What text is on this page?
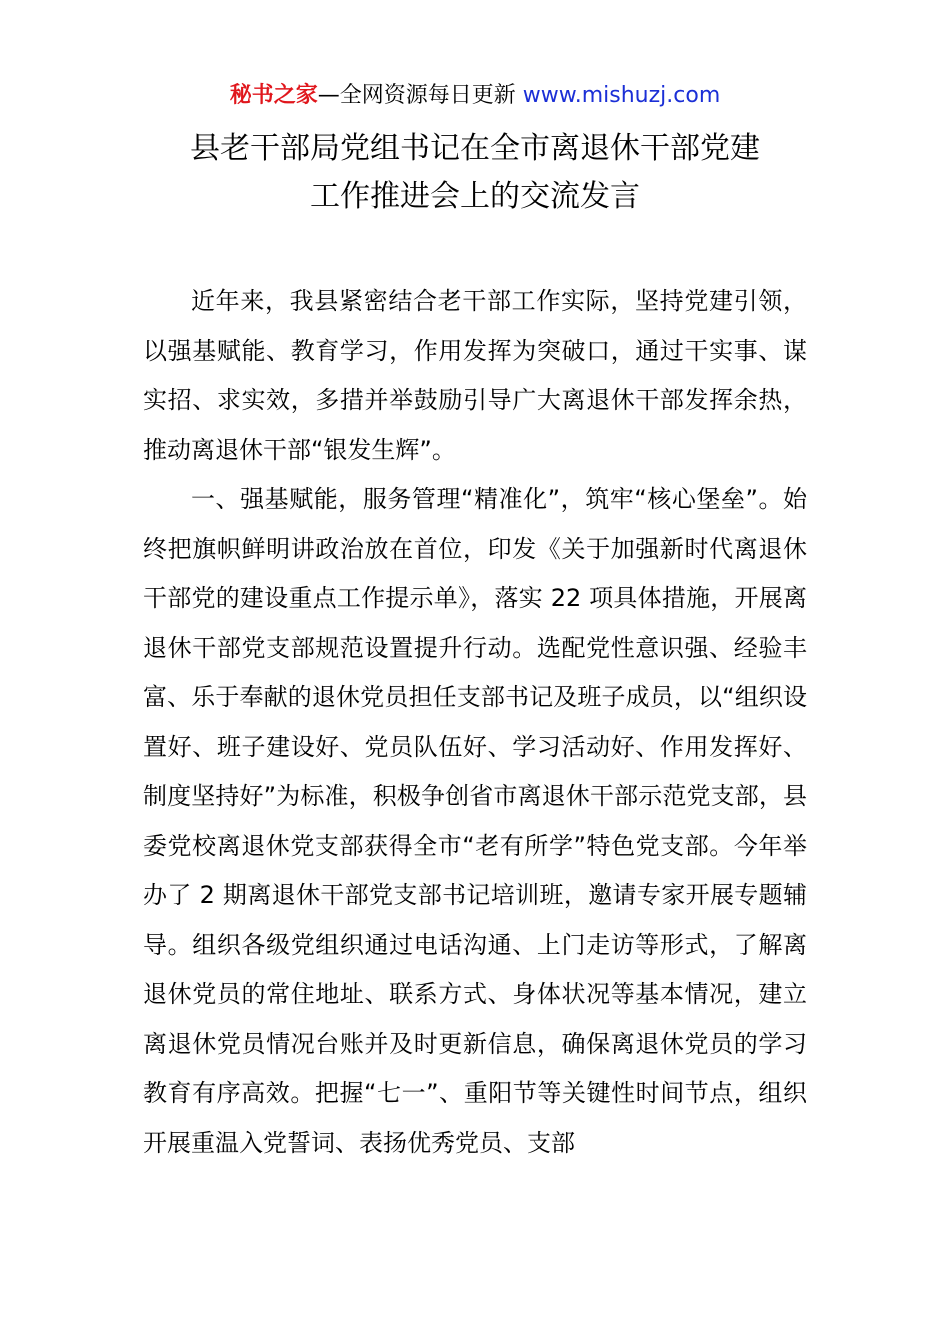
秘书之家—全网资源每日更新 www.mishuzj.com
县老干部局党组书记在全市离退休干部党建
工作推进会上的交流发言

近年来，我县紧密结合老干部工作实际，坚持党建引领，以强基赋能、教育学习，作用发挥为突破口，通过干实事、谋实招、求实效，多措并举鼓励引导广大离退休干部发挥余热，推动离退休干部“银发生辉”。

一、强基赋能，服务管理“精准化”，筑牢“核心堡垒”。始终把旗帜鲜明讲政治放在首位，印发《关于加强新时代离退休干部党的建设重点工作提示单》，落实 22 项具体措施，开展离退休干部党支部规范设置提升行动。选配党性意识强、经验丰富、乐于奉献的退休党员担任支部书记及班子成员，以“组织设置好、班子建设好、党员队伍好、学习活动好、作用发挥好、制度坚持好”为标准，积极争创省市离退休干部示范党支部，县委党校离退休党支部获得全市“老有所学”特色党支部。今年举办了 2 期离退休干部党支部书记培训班，邀请专家开展专题辅导。组织各级党组织通过电话沟通、上门走访等形式，了解离退休党员的常住地址、联系方式、身体状况等基本情况，建立离退休党员情况台账并及时更新信息，确保离退休党员的学习教育有序高效。把握“七一”、重阳节等关键性时间节点，组织开展重温入党誓词、表扬优秀党员、支部
